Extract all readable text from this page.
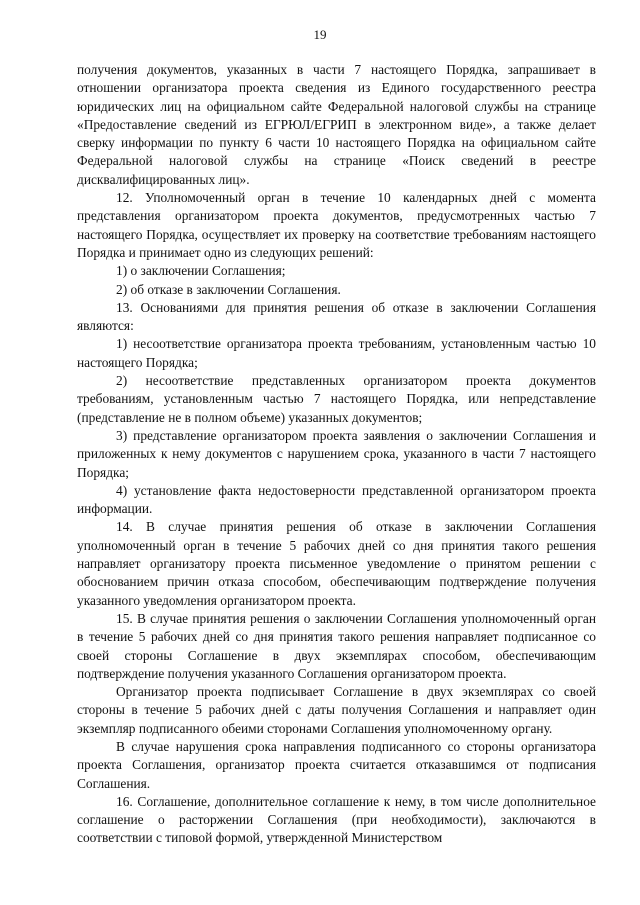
19

получения документов, указанных в части 7 настоящего Порядка, запрашивает в отношении организатора проекта сведения из Единого государственного реестра юридических лиц на официальном сайте Федеральной налоговой службы на странице «Предоставление сведений из ЕГРЮЛ/ЕГРИП в электронном виде», а также делает сверку информации по пункту 6 части 10 настоящего Порядка на официальном сайте Федеральной налоговой службы на странице «Поиск сведений в реестре дисквалифицированных лиц».

12. Уполномоченный орган в течение 10 календарных дней с момента представления организатором проекта документов, предусмотренных частью 7 настоящего Порядка, осуществляет их проверку на соответствие требованиям настоящего Порядка и принимает одно из следующих решений:

1) о заключении Соглашения;

2) об отказе в заключении Соглашения.

13. Основаниями для принятия решения об отказе в заключении Соглашения являются:

1) несоответствие организатора проекта требованиям, установленным частью 10 настоящего Порядка;

2) несоответствие представленных организатором проекта документов требованиям, установленным частью 7 настоящего Порядка, или непредставление (представление не в полном объеме) указанных документов;

3) представление организатором проекта заявления о заключении Соглашения и приложенных к нему документов с нарушением срока, указанного в части 7 настоящего Порядка;

4) установление факта недостоверности представленной организатором проекта информации.

14. В случае принятия решения об отказе в заключении Соглашения уполномоченный орган в течение 5 рабочих дней со дня принятия такого решения направляет организатору проекта письменное уведомление о принятом решении с обоснованием причин отказа способом, обеспечивающим подтверждение получения указанного уведомления организатором проекта.

15. В случае принятия решения о заключении Соглашения уполномоченный орган в течение 5 рабочих дней со дня принятия такого решения направляет подписанное со своей стороны Соглашение в двух экземплярах способом, обеспечивающим подтверждение получения указанного Соглашения организатором проекта.

Организатор проекта подписывает Соглашение в двух экземплярах со своей стороны в течение 5 рабочих дней с даты получения Соглашения и направляет один экземпляр подписанного обеими сторонами Соглашения уполномоченному органу.

В случае нарушения срока направления подписанного со стороны организатора проекта Соглашения, организатор проекта считается отказавшимся от подписания Соглашения.

16. Соглашение, дополнительное соглашение к нему, в том числе дополнительное соглашение о расторжении Соглашения (при необходимости), заключаются в соответствии с типовой формой, утвержденной Министерством
